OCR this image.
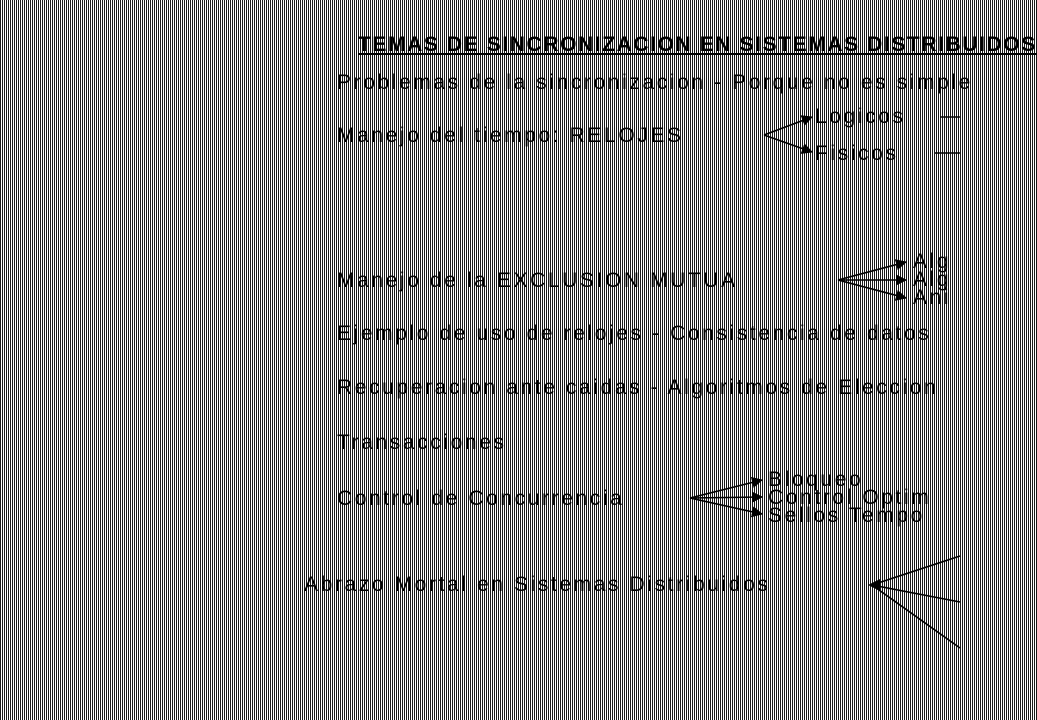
TEMAS DE SINCRONIZACION EN SISTEMAS DISTRIBUIDOS
Problemas de la sincronizacion - Porque no es simple
Manejo del tiempo: RELOJES
Logicos
Fisicos
Manejo de la EXCLUSION MUTUA
Alg
Alg
Ani
Ejemplo de uso de relojes - Consistencia de datos
Recuperacion ante caidas - Algoritmos de Eleccion
Transacciones
Control de Concurrencia
Bloqueo
Control Optim
Sellos Tempo
Abrazo Mortal en Sistemas Distribuidos
